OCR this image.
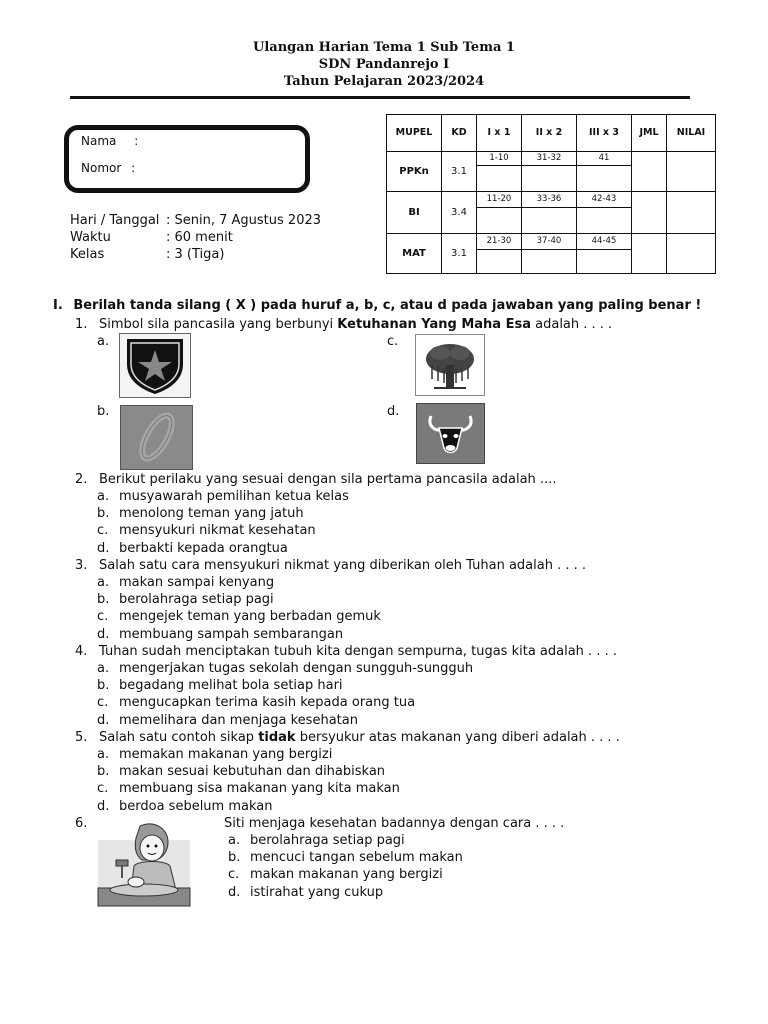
Ulangan Harian Tema 1 Sub Tema 1
SDN Pandanrejo I
Tahun Pelajaran 2023/2024
Nama :
Nomor :
Hari / Tanggal : Senin, 7 Agustus 2023
Waktu	: 60 menit
Kelas	: 3 (Tiga)
MUPEL	KD	I x 1	II x 2	III x 3	JML	NILAI
PPKn	3.1	1-10	31-32	41		

BI	3.4	11-20	33-36	42-43		

MAT	3.1	21-30	37-40	44-45		

I. Berilah tanda silang ( X ) pada huruf a, b, c, atau d pada jawaban yang paling benar !
1. Simbol sila pancasila yang berbunyi Ketuhanan Yang Maha Esa adalah . . . .
a.
b.
c.
d.
2. Berikut perilaku yang sesuai dengan sila pertama pancasila adalah ....
a. musyawarah pemilihan ketua kelas
b. menolong teman yang jatuh
c. mensyukuri nikmat kesehatan
d. berbakti kepada orangtua
3. Salah satu cara mensyukuri nikmat yang diberikan oleh Tuhan adalah . . . .
a. makan sampai kenyang
b. berolahraga setiap pagi
c. mengejek teman yang berbadan gemuk
d. membuang sampah sembarangan
4. Tuhan sudah menciptakan tubuh kita dengan sempurna, tugas kita adalah . . . .
a. mengerjakan tugas sekolah dengan sungguh-sungguh
b. begadang melihat bola setiap hari
c. mengucapkan terima kasih kepada orang tua
d. memelihara dan menjaga kesehatan
5. Salah satu contoh sikap tidak bersyukur atas makanan yang diberi adalah . . . .
a. memakan makanan yang bergizi
b. makan sesuai kebutuhan dan dihabiskan
c. membuang sisa makanan yang kita makan
d. berdoa sebelum makan
6.	Siti menjaga kesehatan badannya dengan cara . . . .
a. berolahraga setiap pagi
b. mencuci tangan sebelum makan
c. makan makanan yang bergizi
d. istirahat yang cukup
